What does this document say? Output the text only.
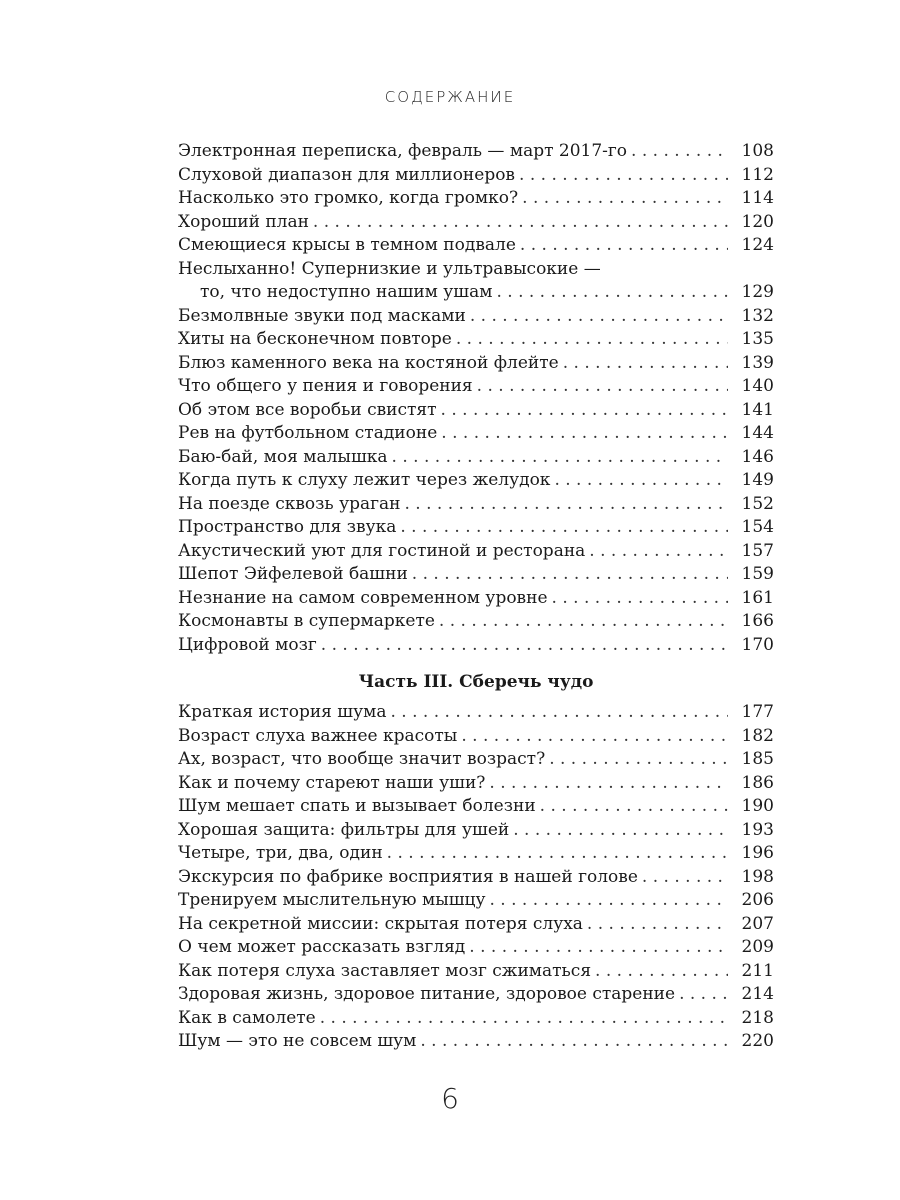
СОДЕРЖАНИЕ
Электронная переписка, февраль — март 2017-го . . .	108
Слуховой диапазон для миллионеров . . .	112
Насколько это громко, когда громко? . . .	114
Хороший план . . .	120
Смеющиеся крысы в темном подвале . . .	124
Неслыханно! Супернизкие и ультравысокие —
то, что недоступно нашим ушам . . .	129
Безмолвные звуки под масками . . .	132
Хиты на бесконечном повторе . . .	135
Блюз каменного века на костяной флейте . . .	139
Что общего у пения и говорения . . .	140
Об этом все воробьи свистят . . .	141
Рев на футбольном стадионе . . .	144
Баю-бай, моя малышка . . .	146
Когда путь к слуху лежит через желудок . . .	149
На поезде сквозь ураган . . .	152
Пространство для звука . . .	154
Акустический уют для гостиной и ресторана . . .	157
Шепот Эйфелевой башни . . .	159
Незнание на самом современном уровне . . .	161
Космонавты в супермаркете . . .	166
Цифровой мозг . . .	170
Часть III. Сберечь чудо
Краткая история шума . . .	177
Возраст слуха важнее красоты . . .	182
Ах, возраст, что вообще значит возраст? . . .	185
Как и почему стареют наши уши? . . .	186
Шум мешает спать и вызывает болезни . . .	190
Хорошая защита: фильтры для ушей . . .	193
Четыре, три, два, один . . .	196
Экскурсия по фабрике восприятия в нашей голове . . .	198
Тренируем мыслительную мышцу . . .	206
На секретной миссии: скрытая потеря слуха . . .	207
О чем может рассказать взгляд . . .	209
Как потеря слуха заставляет мозг сжиматься . . .	211
Здоровая жизнь, здоровое питание, здоровое старение . . .	214
Как в самолете . . .	218
Шум — это не совсем шум . . .	220
6
